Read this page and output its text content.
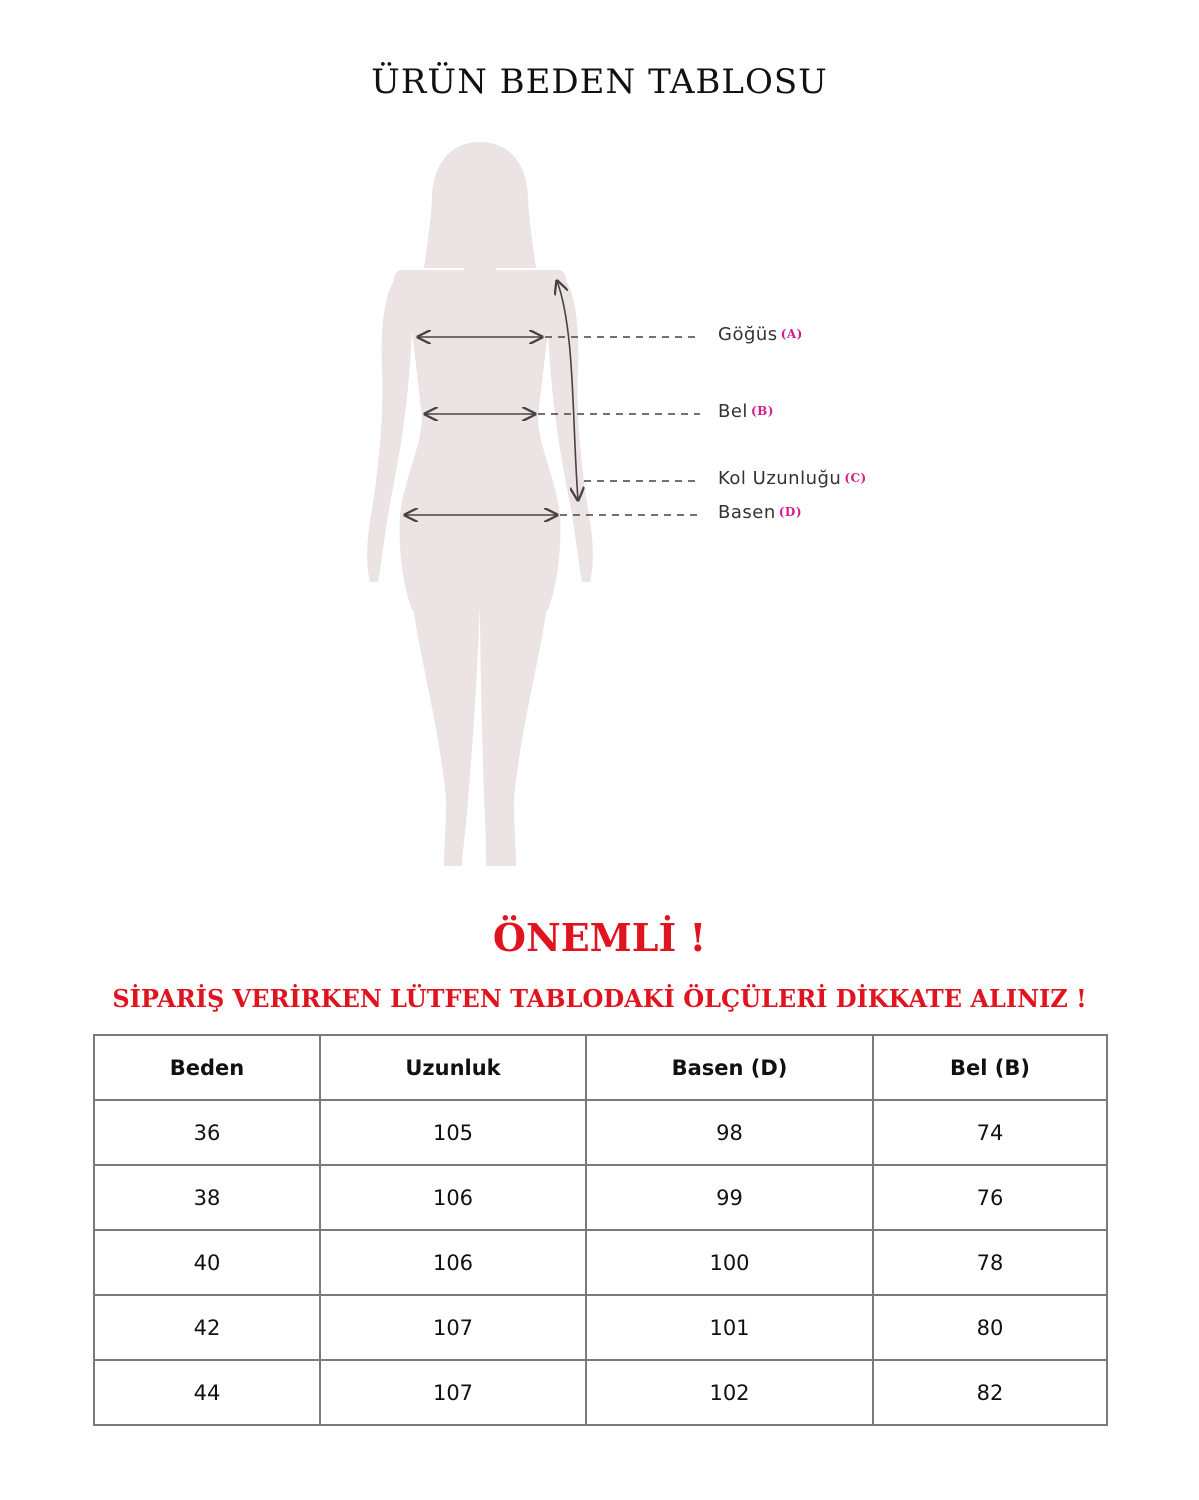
ÜRÜN BEDEN TABLOSU
Göğüs (A)
Bel (B)
Kol Uzunluğu (C)
Basen (D)
ÖNEMLİ !
SİPARİŞ VERİRKEN LÜTFEN TABLODAKİ ÖLÇÜLERİ DİKKATE ALINIZ !
Beden	Uzunluk	Basen (D)	Bel (B)
36	105	98	74
38	106	99	76
40	106	100	78
42	107	101	80
44	107	102	82
